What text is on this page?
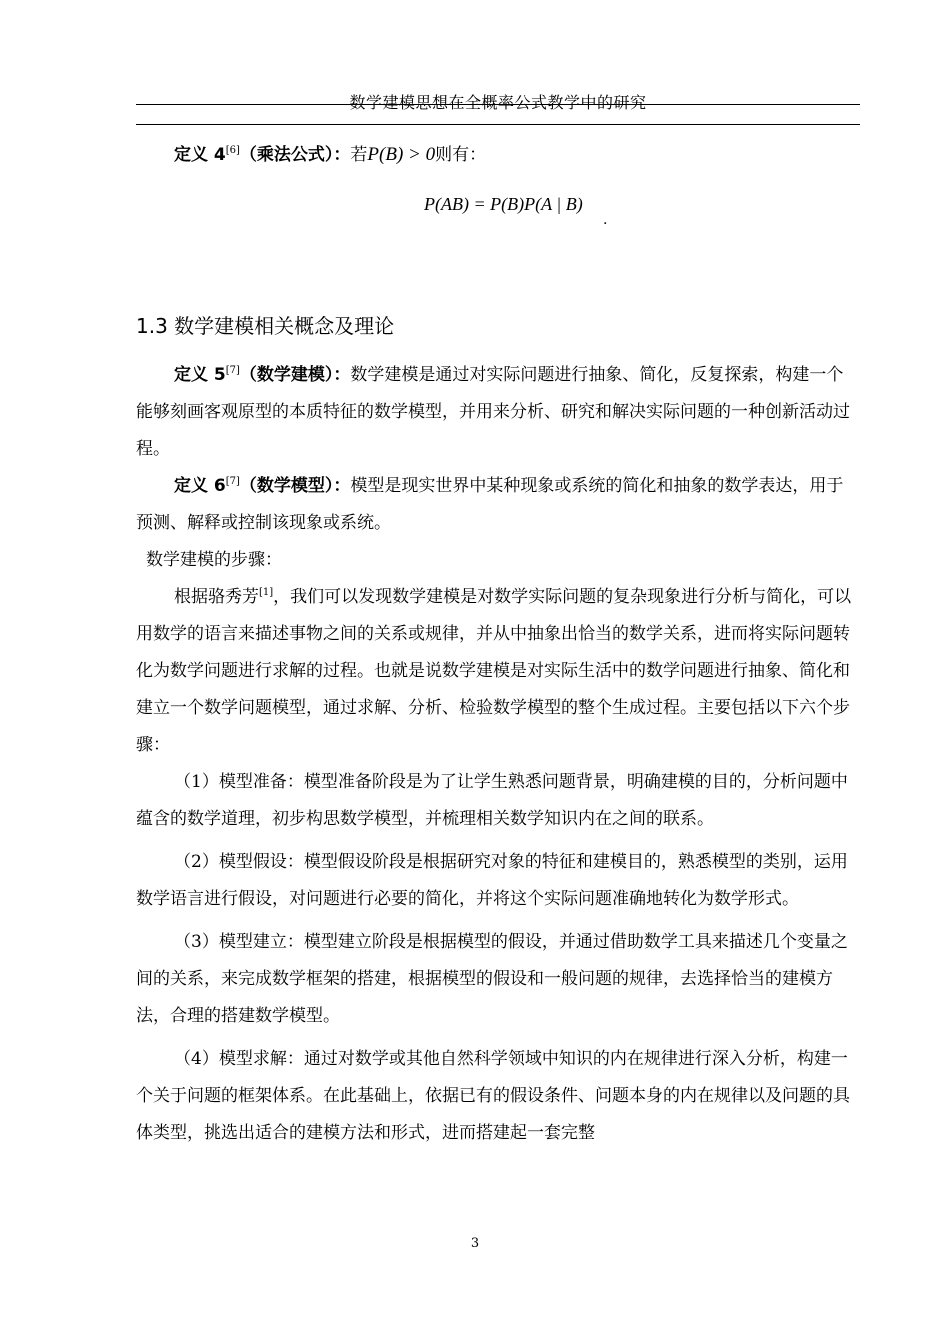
数学建模思想在全概率公式教学中的研究
定义 4[6]（乘法公式）：若P(B) > 0则有：
P(AB) = P(B)P(A | B)
.
1.3 数学建模相关概念及理论

定义 5[7]（数学建模）：数学建模是通过对实际问题进行抽象、简化，反复探索，构建一个能够刻画客观原型的本质特征的数学模型，并用来分析、研究和解决实际问题的一种创新活动过程。

定义 6[7]（数学模型）：模型是现实世界中某种现象或系统的简化和抽象的数学表达，用于预测、解释或控制该现象或系统。

数学建模的步骤：

根据骆秀芳[1]，我们可以发现数学建模是对数学实际问题的复杂现象进行分析与简化，可以用数学的语言来描述事物之间的关系或规律，并从中抽象出恰当的数学关系，进而将实际问题转化为数学问题进行求解的过程。也就是说数学建模是对实际生活中的数学问题进行抽象、简化和建立一个数学问题模型，通过求解、分析、检验数学模型的整个生成过程。主要包括以下六个步骤：

（1）模型准备：模型准备阶段是为了让学生熟悉问题背景，明确建模的目的，分析问题中蕴含的数学道理，初步构思数学模型，并梳理相关数学知识内在之间的联系。

（2）模型假设：模型假设阶段是根据研究对象的特征和建模目的，熟悉模型的类别，运用数学语言进行假设，对问题进行必要的简化，并将这个实际问题准确地转化为数学形式。

（3）模型建立：模型建立阶段是根据模型的假设，并通过借助数学工具来描述几个变量之间的关系，来完成数学框架的搭建，根据模型的假设和一般问题的规律，去选择恰当的建模方法，合理的搭建数学模型。

（4）模型求解：通过对数学或其他自然科学领域中知识的内在规律进行深入分析，构建一个关于问题的框架体系。在此基础上，依据已有的假设条件、问题本身的内在规律以及问题的具体类型，挑选出适合的建模方法和形式，进而搭建起一套完整

3
